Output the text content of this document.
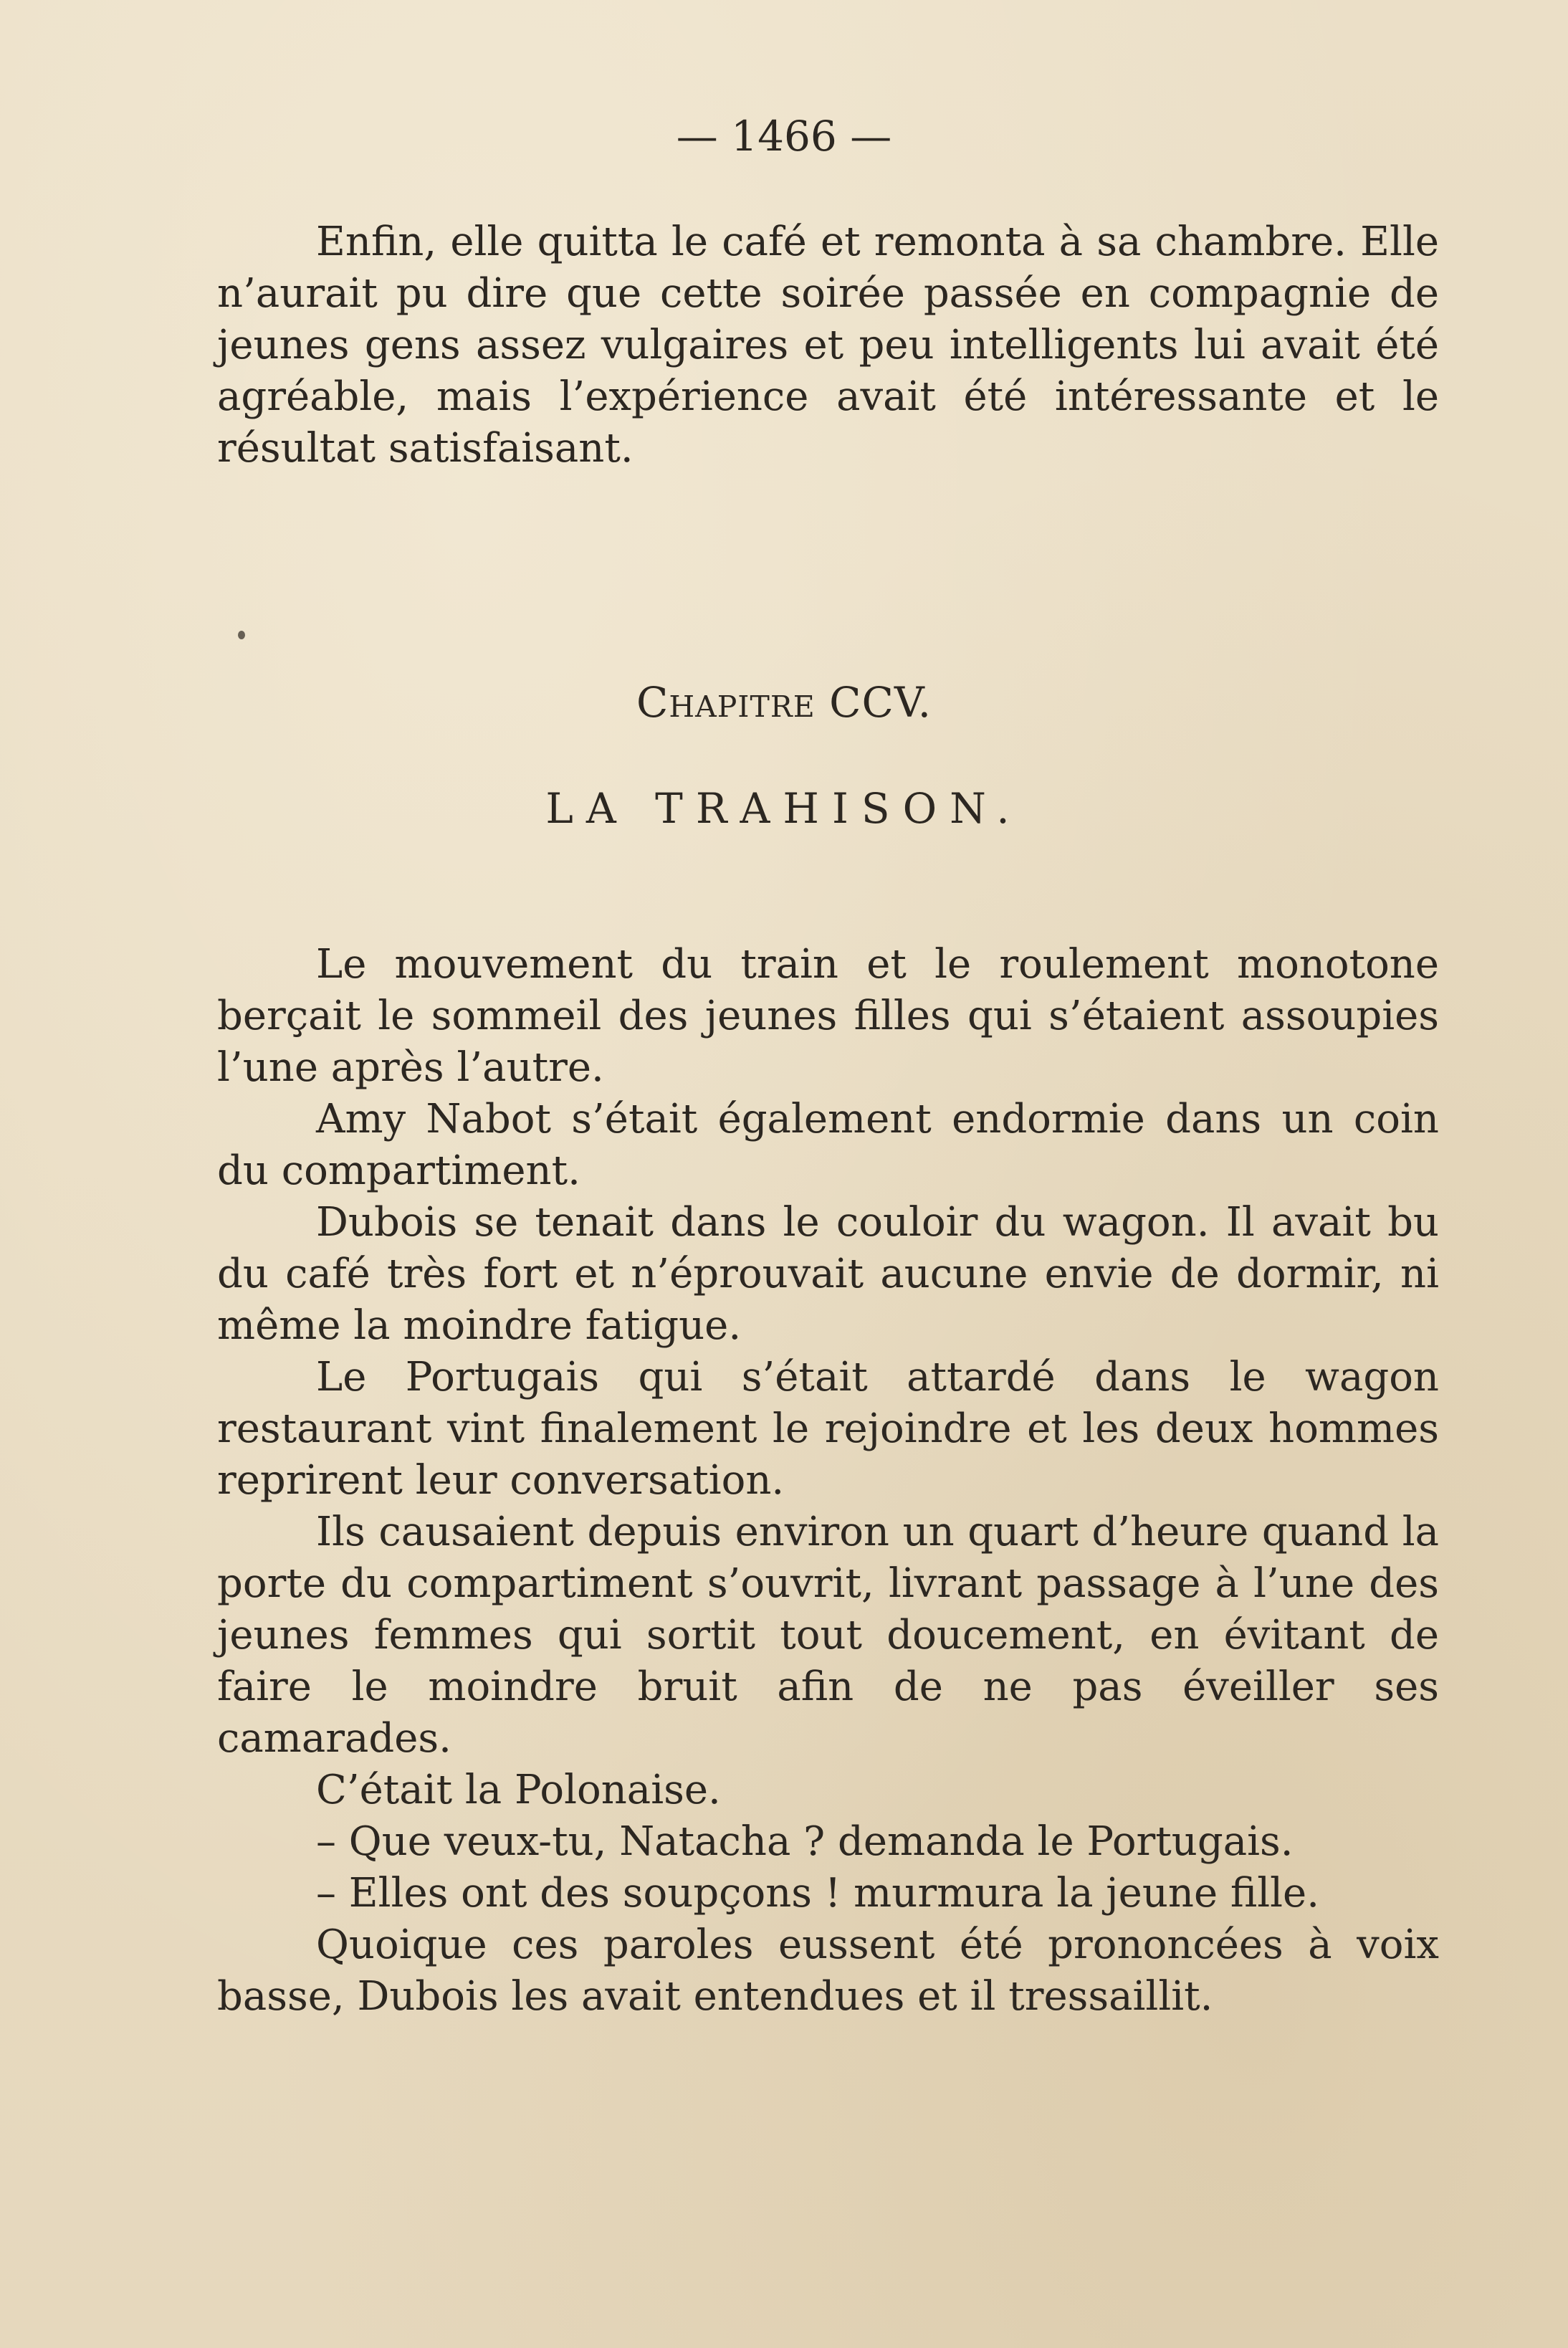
— 1466 —

Enfin, elle quitta le café et remonta à sa chambre. Elle n’aurait pu dire que cette soirée passée en compagnie de jeunes gens assez vulgaires et peu intelligents lui avait été agréable, mais l’expérience avait été intéressante et le résultat satisfaisant.

Chapitre CCV.
LA TRAHISON.

Le mouvement du train et le roulement monotone berçait le sommeil des jeunes filles qui s’étaient assoupies l’une après l’autre.

Amy Nabot s’était également endormie dans un coin du compartiment.

Dubois se tenait dans le couloir du wagon. Il avait bu du café très fort et n’éprouvait aucune envie de dormir, ni même la moindre fatigue.

Le Portugais qui s’était attardé dans le wagon restaurant vint finalement le rejoindre et les deux hommes reprirent leur conversation.

Ils causaient depuis environ un quart d’heure quand la porte du compartiment s’ouvrit, livrant passage à l’une des jeunes femmes qui sortit tout doucement, en évitant de faire le moindre bruit afin de ne pas éveiller ses camarades.

C’était la Polonaise.

– Que veux-tu, Natacha ? demanda le Portugais.

– Elles ont des soupçons ! murmura la jeune fille.

Quoique ces paroles eussent été prononcées à voix basse, Dubois les avait entendues et il tressaillit.
